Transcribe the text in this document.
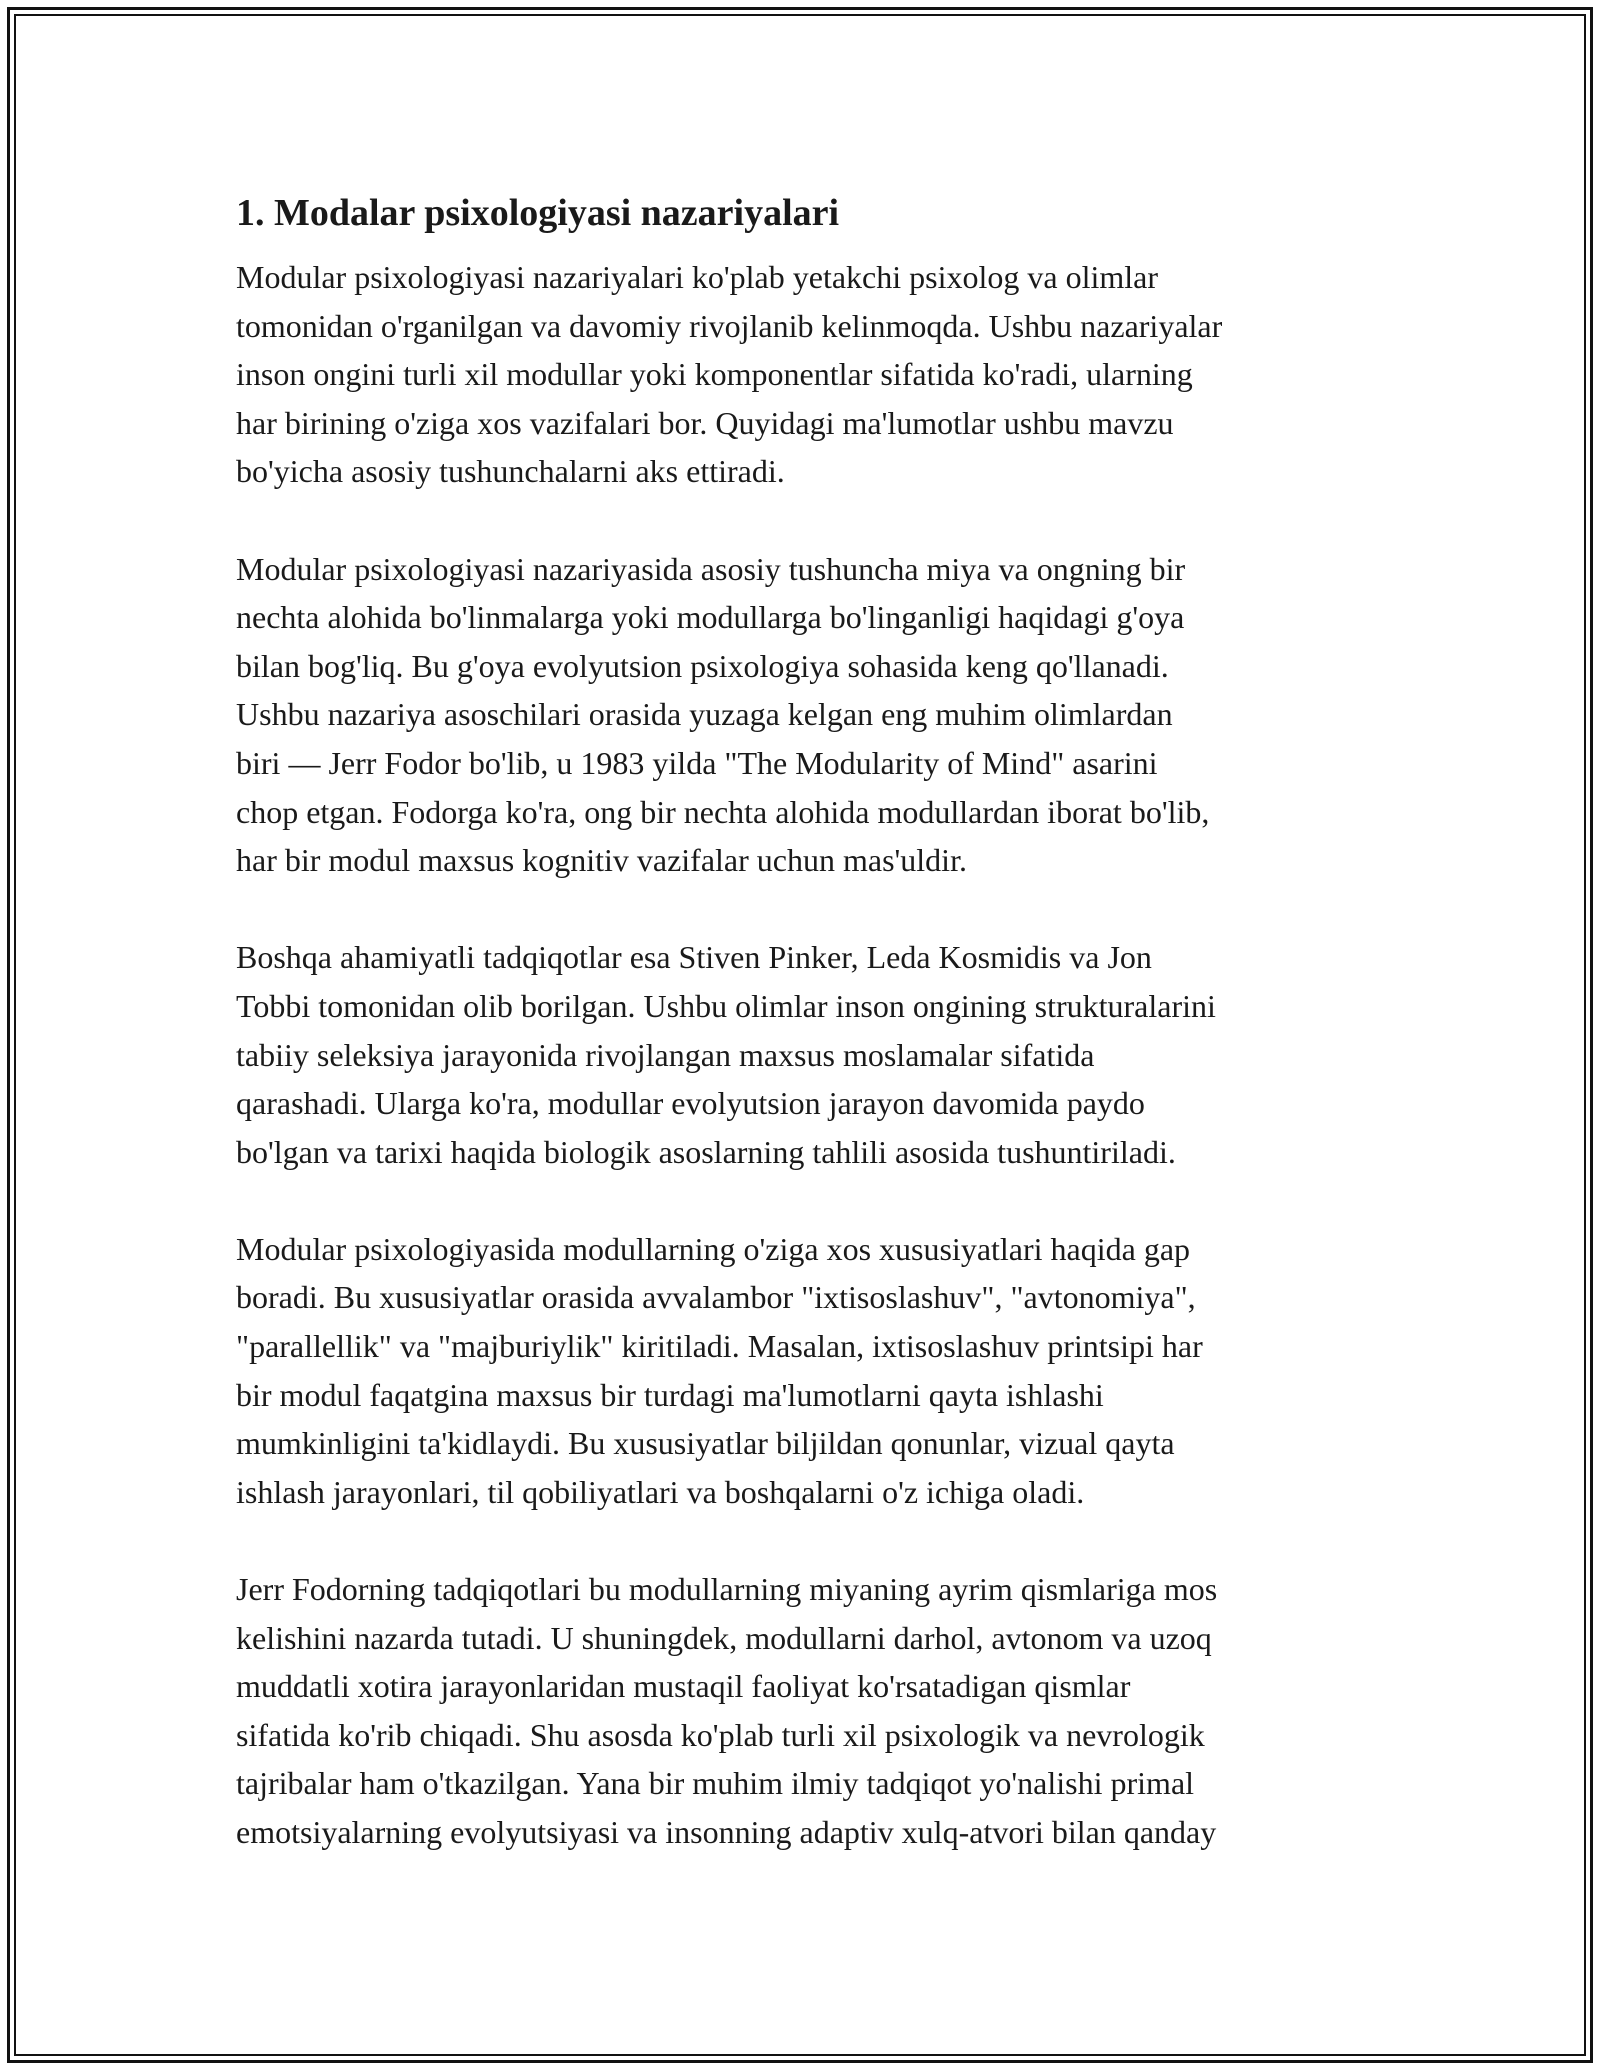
1. Modalar psixologiyasi nazariyalari
Modular psixologiyasi nazariyalari ko'plab yetakchi psixolog va olimlar
tomonidan o'rganilgan va davomiy rivojlanib kelinmoqda. Ushbu nazariyalar
inson ongini turli xil modullar yoki komponentlar sifatida ko'radi, ularning
har birining o'ziga xos vazifalari bor. Quyidagi ma'lumotlar ushbu mavzu
bo'yicha asosiy tushunchalarni aks ettiradi.
Modular psixologiyasi nazariyasida asosiy tushuncha miya va ongning bir
nechta alohida bo'linmalarga yoki modullarga bo'linganligi haqidagi g'oya
bilan bog'liq. Bu g'oya evolyutsion psixologiya sohasida keng qo'llanadi.
Ushbu nazariya asoschilari orasida yuzaga kelgan eng muhim olimlardan
biri — Jerr Fodor bo'lib, u 1983 yilda "The Modularity of Mind" asarini
chop etgan. Fodorga ko'ra, ong bir nechta alohida modullardan iborat bo'lib,
har bir modul maxsus kognitiv vazifalar uchun mas'uldir.
Boshqa ahamiyatli tadqiqotlar esa Stiven Pinker, Leda Kosmidis va Jon
Tobbi tomonidan olib borilgan. Ushbu olimlar inson ongining strukturalarini
tabiiy seleksiya jarayonida rivojlangan maxsus moslamalar sifatida
qarashadi. Ularga ko'ra, modullar evolyutsion jarayon davomida paydo
bo'lgan va tarixi haqida biologik asoslarning tahlili asosida tushuntiriladi.
Modular psixologiyasida modullarning o'ziga xos xususiyatlari haqida gap
boradi. Bu xususiyatlar orasida avvalambor "ixtisoslashuv", "avtonomiya",
"parallellik" va "majburiylik" kiritiladi. Masalan, ixtisoslashuv printsipi har
bir modul faqatgina maxsus bir turdagi ma'lumotlarni qayta ishlashi
mumkinligini ta'kidlaydi. Bu xususiyatlar biljildan qonunlar, vizual qayta
ishlash jarayonlari, til qobiliyatlari va boshqalarni o'z ichiga oladi.
Jerr Fodorning tadqiqotlari bu modullarning miyaning ayrim qismlariga mos
kelishini nazarda tutadi. U shuningdek, modullarni darhol, avtonom va uzoq
muddatli xotira jarayonlaridan mustaqil faoliyat ko'rsatadigan qismlar
sifatida ko'rib chiqadi. Shu asosda ko'plab turli xil psixologik va nevrologik
tajribalar ham o'tkazilgan. Yana bir muhim ilmiy tadqiqot yo'nalishi primal
emotsiyalarning evolyutsiyasi va insonning adaptiv xulq-atvori bilan qanday
